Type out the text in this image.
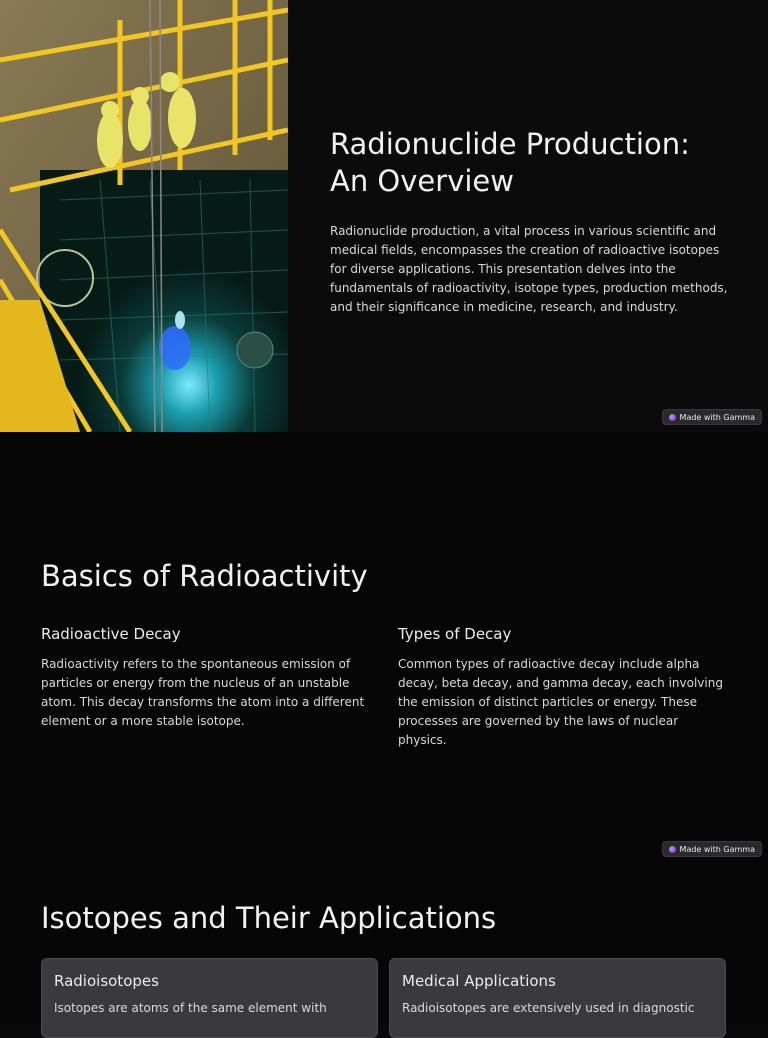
Radionuclide Production: An Overview

Radionuclide production, a vital process in various scientific and medical fields, encompasses the creation of radioactive isotopes for diverse applications. This presentation delves into the fundamentals of radioactivity, isotope types, production methods, and their significance in medicine, research, and industry.

Made with Gamma
Basics of Radioactivity
Radioactive Decay

Radioactivity refers to the spontaneous emission of particles or energy from the nucleus of an unstable atom. This decay transforms the atom into a different element or a more stable isotope.

Types of Decay

Common types of radioactive decay include alpha decay, beta decay, and gamma decay, each involving the emission of distinct particles or energy. These processes are governed by the laws of nuclear physics.

Made with Gamma
Isotopes and Their Applications
Radioisotopes

Isotopes are atoms of the same element with

Medical Applications

Radioisotopes are extensively used in diagnostic
